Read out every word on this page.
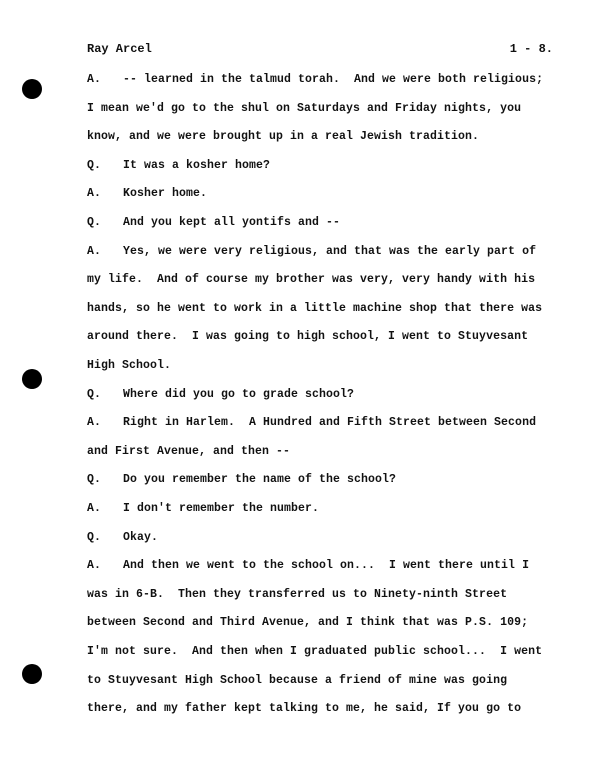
Ray Arcel	1 - 8.
A. -- learned in the talmud torah.  And we were both religious;
I mean we'd go to the shul on Saturdays and Friday nights, you
know, and we were brought up in a real Jewish tradition.
Q. It was a kosher home?
A. Kosher home.
Q. And you kept all yontifs and --
A. Yes, we were very religious, and that was the early part of
my life.  And of course my brother was very, very handy with his
hands, so he went to work in a little machine shop that there was
around there.  I was going to high school, I went to Stuyvesant
High School.
Q. Where did you go to grade school?
A. Right in Harlem.  A Hundred and Fifth Street between Second
and First Avenue, and then --
Q. Do you remember the name of the school?
A. I don't remember the number.
Q. Okay.
A. And then we went to the school on...  I went there until I
was in 6-B.  Then they transferred us to Ninety-ninth Street
between Second and Third Avenue, and I think that was P.S. 109;
I'm not sure.  And then when I graduated public school...  I went
to Stuyvesant High School because a friend of mine was going
there, and my father kept talking to me, he said, If you go to
